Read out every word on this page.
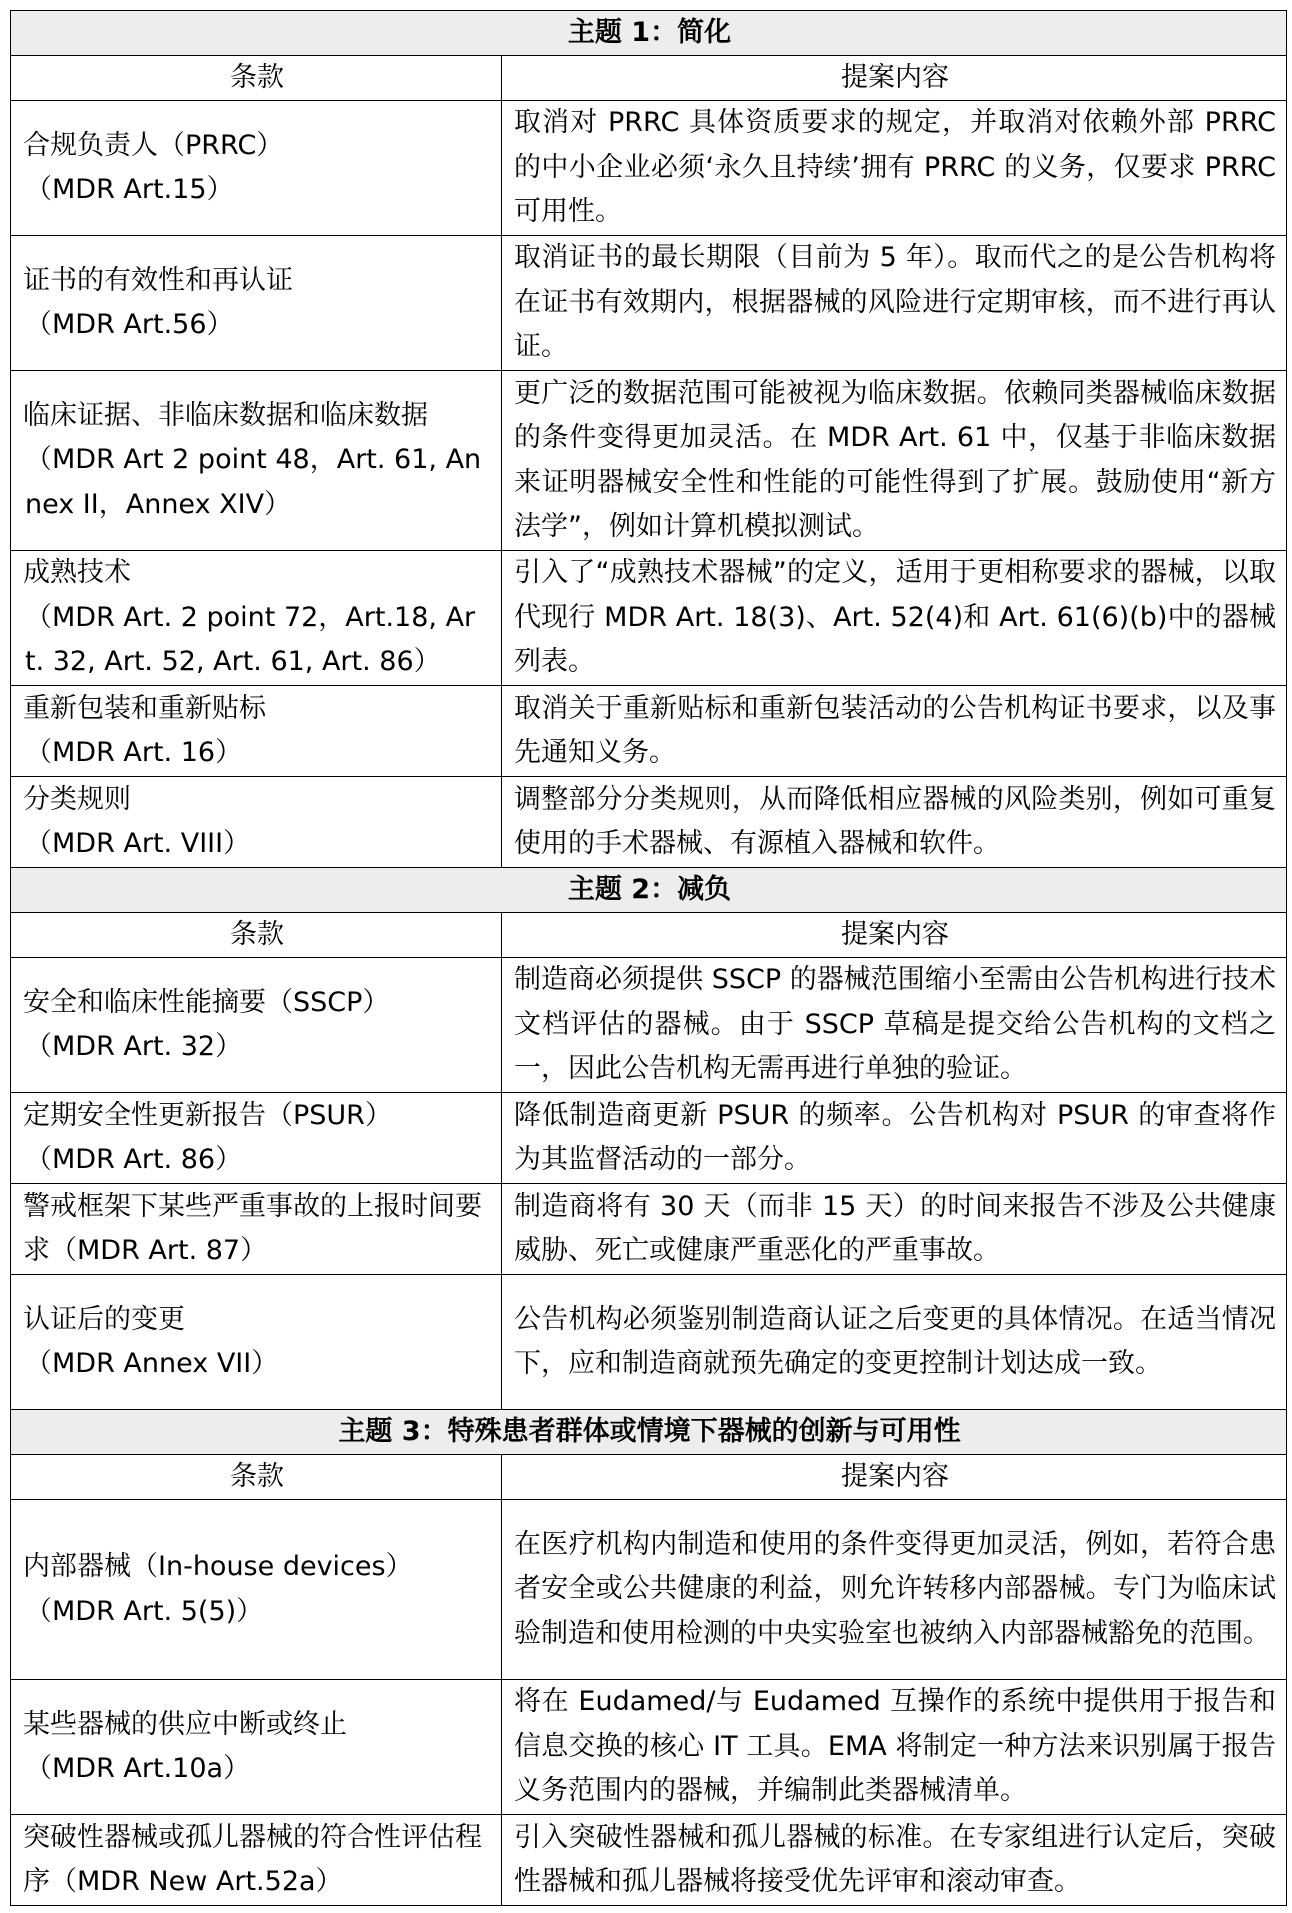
主题 1：简化	
条款	提案内容

合规负责人（PRRC）
（MDR Art.15）	取消对 PRRC 具体资质要求的规定，并取消对依赖外部 PRRC 的中小企业必须‘永久且持续’拥有 PRRC 的义务，仅要求 PRRC 可用性。

证书的有效性和再认证
（MDR Art.56）	取消证书的最长期限（目前为 5 年）。取而代之的是公告机构将在证书有效期内，根据器械的风险进行定期审核，而不进行再认证。

临床证据、非临床数据和临床数据
（MDR Art 2 point 48，Art. 61, Annex II，Annex XIV）	更广泛的数据范围可能被视为临床数据。依赖同类器械临床数据的条件变得更加灵活。在 MDR Art. 61 中，仅基于非临床数据来证明器械安全性和性能的可能性得到了扩展。鼓励使用“新方法学”，例如计算机模拟测试。

成熟技术
（MDR Art. 2 point 72，Art.18, Art. 32, Art. 52, Art. 61, Art. 86）	引入了“成熟技术器械”的定义，适用于更相称要求的器械，以取代现行 MDR Art. 18(3)、Art. 52(4)和 Art. 61(6)(b)中的器械列表。

重新包装和重新贴标
（MDR Art. 16）	取消关于重新贴标和重新包装活动的公告机构证书要求，以及事先通知义务。

分类规则
（MDR Art. VIII）	调整部分分类规则，从而降低相应器械的风险类别，例如可重复使用的手术器械、有源植入器械和软件。
主题 2：减负	
条款	提案内容

安全和临床性能摘要（SSCP）
（MDR Art. 32）	制造商必须提供 SSCP 的器械范围缩小至需由公告机构进行技术文档评估的器械。由于 SSCP 草稿是提交给公告机构的文档之一，因此公告机构无需再进行单独的验证。

定期安全性更新报告（PSUR）
（MDR Art. 86）	降低制造商更新 PSUR 的频率。公告机构对 PSUR 的审查将作为其监督活动的一部分。

警戒框架下某些严重事故的上报时间要求（MDR Art. 87）	制造商将有 30 天（而非 15 天）的时间来报告不涉及公共健康威胁、死亡或健康严重恶化的严重事故。

认证后的变更
（MDR Annex VII）	公告机构必须鉴别制造商认证之后变更的具体情况。在适当情况下，应和制造商就预先确定的变更控制计划达成一致。
主题 3：特殊患者群体或情境下器械的创新与可用性	
条款	提案内容

内部器械（In-house devices）
（MDR Art. 5(5)）	在医疗机构内制造和使用的条件变得更加灵活，例如，若符合患者安全或公共健康的利益，则允许转移内部器械。专门为临床试验制造和使用检测的中央实验室也被纳入内部器械豁免的范围。

某些器械的供应中断或终止
（MDR Art.10a）	将在 Eudamed/与 Eudamed 互操作的系统中提供用于报告和信息交换的核心 IT 工具。EMA 将制定一种方法来识别属于报告义务范围内的器械，并编制此类器械清单。

突破性器械或孤儿器械的符合性评估程序（MDR New Art.52a）	引入突破性器械和孤儿器械的标准。在专家组进行认定后，突破性器械和孤儿器械将接受优先评审和滚动审查。
